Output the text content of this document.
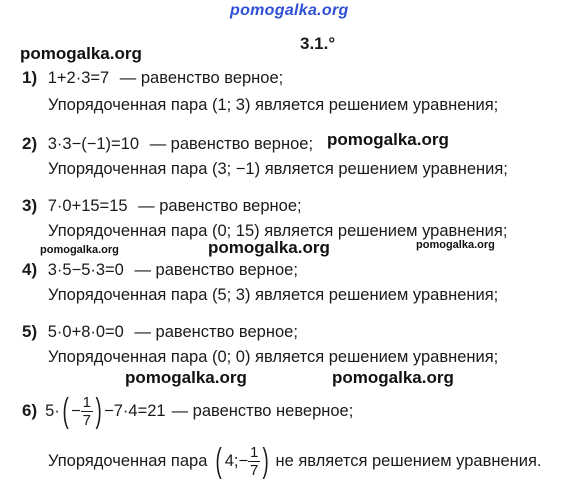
pomogalka.org
pomogalka.org
pomogalka.org
pomogalka.org	pomogalka.org	pomogalka.org
pomogalka.org	pomogalka.org
3.1.°
1) 1+2·3=7 — равенство верное;
Упорядоченная пара (1; 3) является решением уравнения;
2) 3·3−(−1)=10 — равенство верное;
Упорядоченная пара (3; −1) является решением уравнения;
3) 7·0+15=15 — равенство верное;
Упорядоченная пара (0; 15) является решением уравнения;
4) 3·5−5·3=0 — равенство верное;
Упорядоченная пара (5; 3) является решением уравнения;
5) 5·0+8·0=0 — равенство верное;
Упорядоченная пара (0; 0) является решением уравнения;
6) 5· ( − $\frac{1}{7}$ ) −7·4=21 — равенство неверное;
Упорядоченная пара ( 4;− $\frac{1}{7}$ ) не является решением уравнения.
